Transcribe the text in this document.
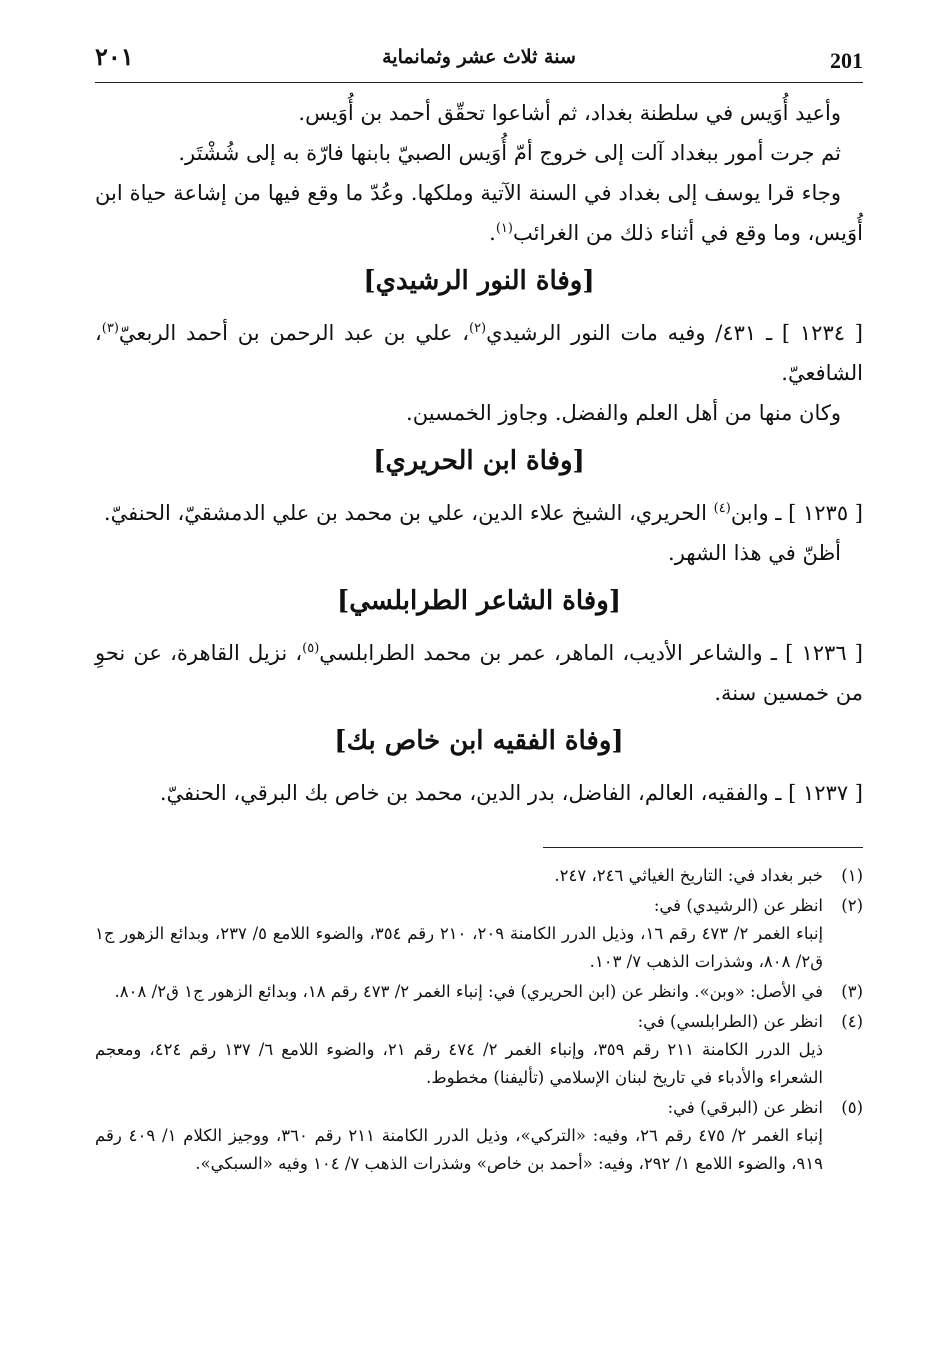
٢٠١	سنة ثلاث عشر وثمانماية	201

وأعيد أُوَيس في سلطنة بغداد، ثم أشاعوا تحقّق أحمد بن أُوَيس.

ثم جرت أمور ببغداد آلت إلى خروج أمّ أُوَيس الصبيّ بابنها فارّة به إلى شُشْتَر.

وجاء قرا يوسف إلى بغداد في السنة الآتية وملكها. وعُدّ ما وقع فيها من إشاعة حياة ابن أُوَيس، وما وقع في أثناء ذلك من الغرائب$^{(١)}$.

[وفاة النور الرشيدي]

[ ١٢٣٤ ] ـ ٤٣١/ وفيه مات النور الرشيدي$^{(٢)}$، علي بن عبد الرحمن بن أحمد الربعيّ$^{(٣)}$، الشافعيّ.

وكان منها من أهل العلم والفضل. وجاوز الخمسين.

[وفاة ابن الحريري]

[ ١٢٣٥ ] ـ وابن$^{(٤)}$ الحريري، الشيخ علاء الدين، علي بن محمد بن علي الدمشقيّ، الحنفيّ.

أظنّ في هذا الشهر.

[وفاة الشاعر الطرابلسي]

[ ١٢٣٦ ] ـ والشاعر الأديب، الماهر، عمر بن محمد الطرابلسي$^{(٥)}$، نزيل القاهرة، عن نحوِ من خمسين سنة.

[وفاة الفقيه ابن خاص بك]

[ ١٢٣٧ ] ـ والفقيه، العالم، الفاضل، بدر الدين، محمد بن خاص بك البرقي، الحنفيّ.

(١)

خبر بغداد في: التاريخ الغياثي ٢٤٦، ٢٤٧.

(٢)

انظر عن (الرشيدي) في:

إنباء الغمر ٢/ ٤٧٣ رقم ١٦، وذيل الدرر الكامنة ٢٠٩، ٢١٠ رقم ٣٥٤، والضوء اللامع ٥/ ٢٣٧، وبدائع الزهور ج١ ق٢/ ٨٠٨، وشذرات الذهب ٧/ ١٠٣.

(٣)

في الأصل: «وبن». وانظر عن (ابن الحريري) في: إنباء الغمر ٢/ ٤٧٣ رقم ١٨، وبدائع الزهور ج١ ق٢/ ٨٠٨.

(٤)

انظر عن (الطرابلسي) في:

ذيل الدرر الكامنة ٢١١ رقم ٣٥٩، وإنباء الغمر ٢/ ٤٧٤ رقم ٢١، والضوء اللامع ٦/ ١٣٧ رقم ٤٢٤، ومعجم الشعراء والأدباء في تاريخ لبنان الإسلامي (تأليفنا) مخطوط.

(٥)

انظر عن (البرقي) في:

إنباء الغمر ٢/ ٤٧٥ رقم ٢٦، وفيه: «التركي»، وذيل الدرر الكامنة ٢١١ رقم ٣٦٠، ووجيز الكلام ١/ ٤٠٩ رقم ٩١٩، والضوء اللامع ١/ ٢٩٢، وفيه: «أحمد بن خاص» وشذرات الذهب ٧/ ١٠٤ وفيه «السبكي».
